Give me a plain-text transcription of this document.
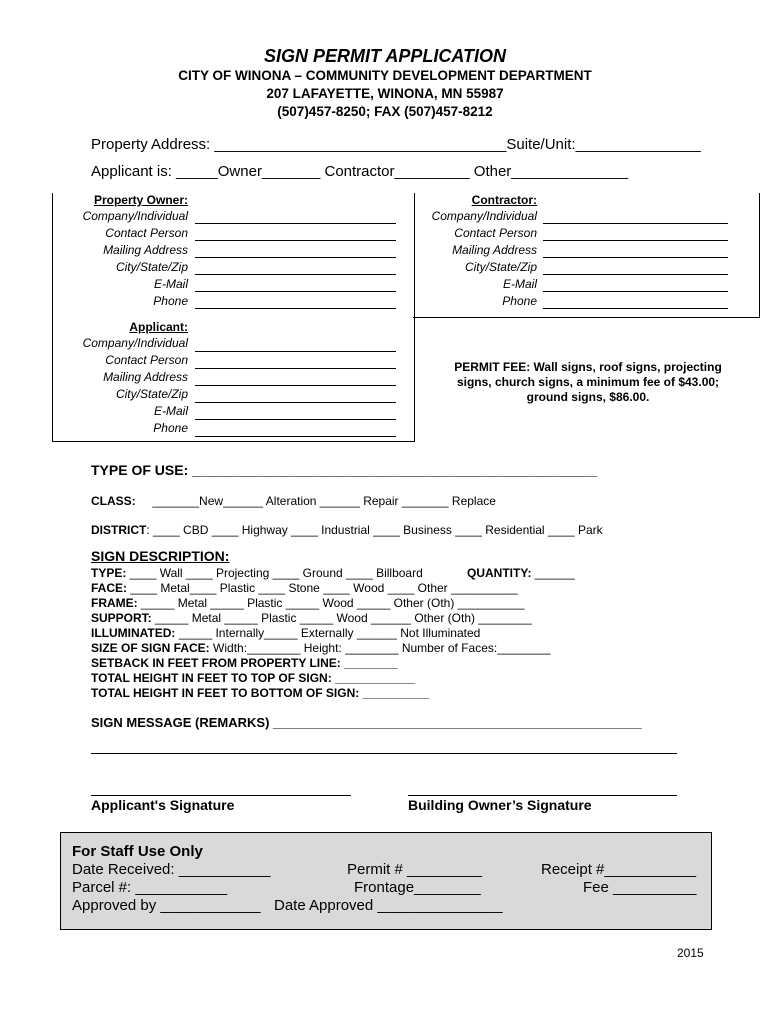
SIGN PERMIT APPLICATION
CITY OF WINONA – COMMUNITY DEVELOPMENT DEPARTMENT
207 LAFAYETTE, WINONA, MN 55987
(507)457-8250; FAX (507)457-8212
Property Address: ___________________________________Suite/Unit:_______________
Applicant is: _____Owner_______ Contractor_________ Other______________
Property Owner:
Company/Individual
Contact Person
Mailing Address
City/State/Zip
E-Mail
Phone
Contractor:
Company/Individual
Contact Person
Mailing Address
City/State/Zip
E-Mail
Phone
Applicant:
Company/Individual
Contact Person
Mailing Address
City/State/Zip
E-Mail
Phone
PERMIT FEE: Wall signs, roof signs, projecting
signs, church signs, a minimum fee of $43.00;
ground signs, $86.00.
TYPE OF USE: ____________________________________________________
CLASS: _______New______ Alteration ______ Repair _______ Replace
DISTRICT: ____ CBD ____ Highway ____ Industrial ____ Business ____ Residential ____ Park
SIGN DESCRIPTION:
TYPE: ____ Wall ____ Projecting ____ Ground ____ Billboard	QUANTITY: ______
FACE: ____ Metal____ Plastic ____ Stone ____ Wood ____ Other __________
FRAME: _____ Metal _____ Plastic _____ Wood _____ Other (Oth) __________
SUPPORT: _____ Metal _____ Plastic _____ Wood ______ Other (Oth) ________
ILLUMINATED: _____ Internally_____ Externally ______ Not Illuminated
SIZE OF SIGN FACE: Width:________ Height: ________ Number of Faces:________
SETBACK IN FEET FROM PROPERTY LINE: ________
TOTAL HEIGHT IN FEET TO TOP OF SIGN: ____________
TOTAL HEIGHT IN FEET TO BOTTOM OF SIGN: __________
SIGN MESSAGE (REMARKS) ___________________________________________________
Applicant's Signature	Building Owner’s Signature
For Staff Use Only
Date Received: ___________	Permit # _________	Receipt #___________
Parcel #: ___________	Frontage________	Fee __________
Approved by ____________ Date Approved _______________
2015
